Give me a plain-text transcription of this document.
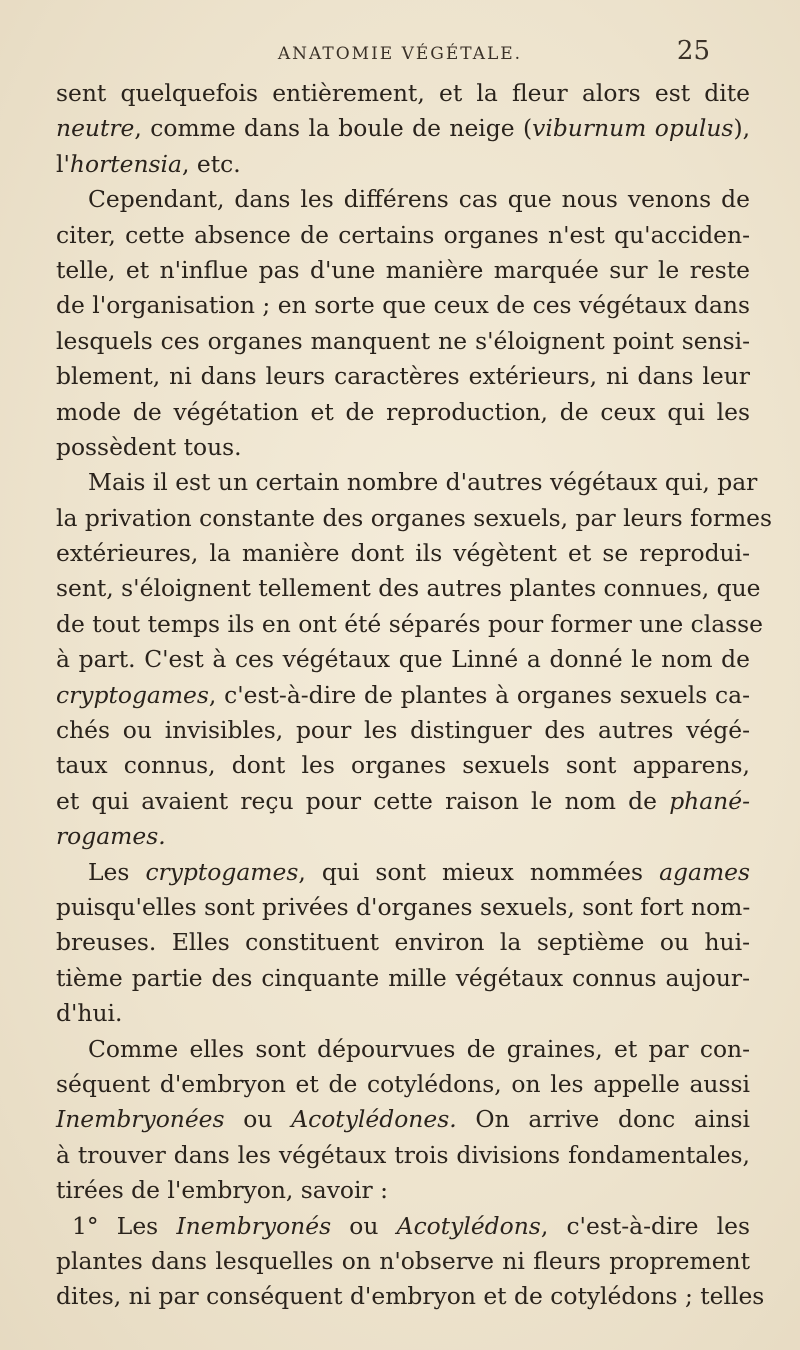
ANATOMIE VÉGÉTALE.	25
sent quelquefois entièrement, et la fleur alors est dite
neutre, comme dans la boule de neige (viburnum opulus),
l'hortensia, etc.
Cependant, dans les différens cas que nous venons de
citer, cette absence de certains organes n'est qu'acciden-
telle, et n'influe pas d'une manière marquée sur le reste
de l'organisation ; en sorte que ceux de ces végétaux dans
lesquels ces organes manquent ne s'éloignent point sensi-
blement, ni dans leurs caractères extérieurs, ni dans leur
mode de végétation et de reproduction, de ceux qui les
possèdent tous.
Mais il est un certain nombre d'autres végétaux qui, par
la privation constante des organes sexuels, par leurs formes
extérieures, la manière dont ils végètent et se reprodui-
sent, s'éloignent tellement des autres plantes connues, que
de tout temps ils en ont été séparés pour former une classe
à part. C'est à ces végétaux que Linné a donné le nom de
cryptogames, c'est-à-dire de plantes à organes sexuels ca-
chés ou invisibles, pour les distinguer des autres végé-
taux connus, dont les organes sexuels sont apparens,
et qui avaient reçu pour cette raison le nom de phané-
rogames.
Les cryptogames, qui sont mieux nommées agames
puisqu'elles sont privées d'organes sexuels, sont fort nom-
breuses. Elles constituent environ la septième ou hui-
tième partie des cinquante mille végétaux connus aujour-
d'hui.
Comme elles sont dépourvues de graines, et par con-
séquent d'embryon et de cotylédons, on les appelle aussi
Inembryonées ou Acotylédones. On arrive donc ainsi
à trouver dans les végétaux trois divisions fondamentales,
tirées de l'embryon, savoir :
1° Les Inembryonés ou Acotylédons, c'est-à-dire les
plantes dans lesquelles on n'observe ni fleurs proprement
dites, ni par conséquent d'embryon et de cotylédons ; telles
